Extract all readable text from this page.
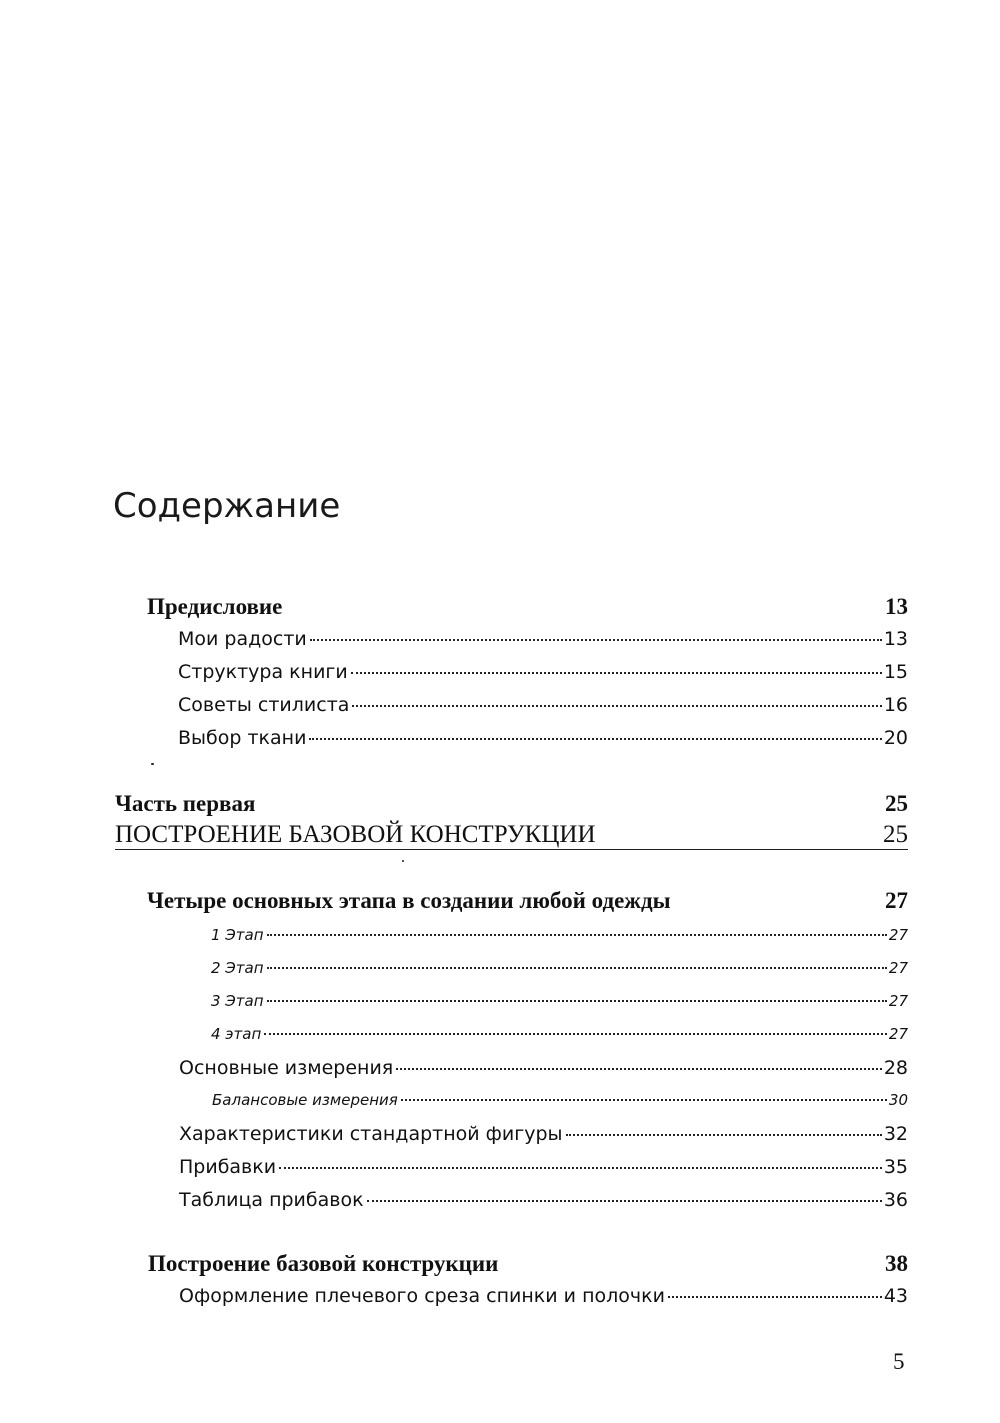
Содержание
Предисловие	13
Мои радости	13
Структура книги	15
Советы стилиста	16
Выбор ткани	20
Часть первая	25
ПОСТРОЕНИЕ БАЗОВОЙ КОНСТРУКЦИИ	25
Четыре основных этапа в создании любой одежды	27
1 Этап	27
2 Этап	27
3 Этап	27
4 этап	27
Основные измерения	28
Балансовые измерения	30
Характеристики стандартной фигуры	32
Прибавки	35
Таблица прибавок	36
Построение базовой конструкции	38
Оформление плечевого среза спинки и полочки	43
5
